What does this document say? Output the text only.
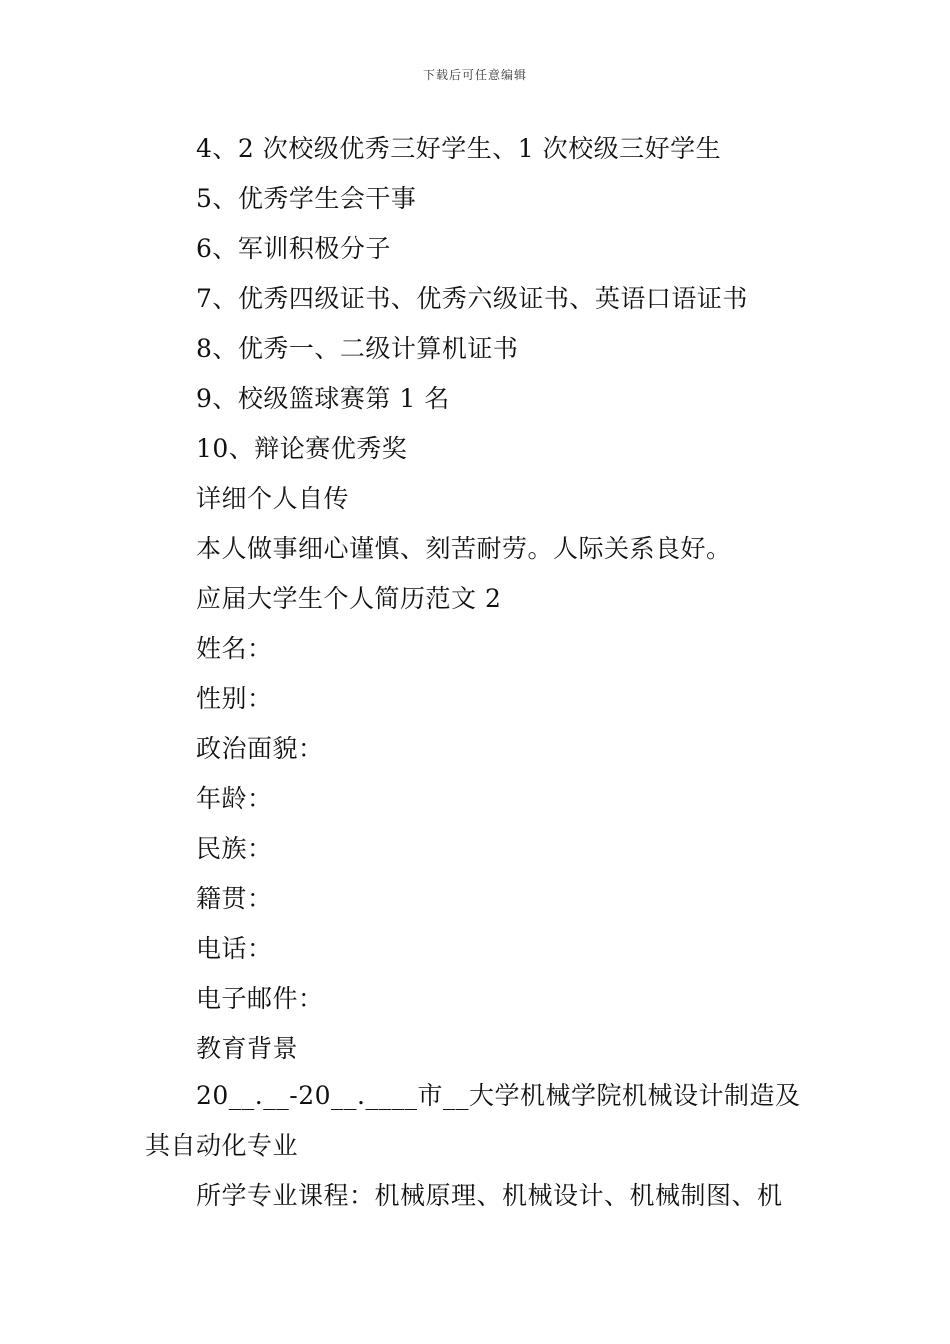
下载后可任意编辑
4、2 次校级优秀三好学生、1 次校级三好学生
5、优秀学生会干事
6、军训积极分子
7、优秀四级证书、优秀六级证书、英语口语证书
8、优秀一、二级计算机证书
9、校级篮球赛第 1 名
10、辩论赛优秀奖
详细个人自传
本人做事细心谨慎、刻苦耐劳。人际关系良好。
应届大学生个人简历范文 2
姓名：
性别：
政治面貌：
年龄：
民族：
籍贯：
电话：
电子邮件：
教育背景
20__.__-20__.____市__大学机械学院机械设计制造及
其自动化专业
所学专业课程：机械原理、机械设计、机械制图、机
